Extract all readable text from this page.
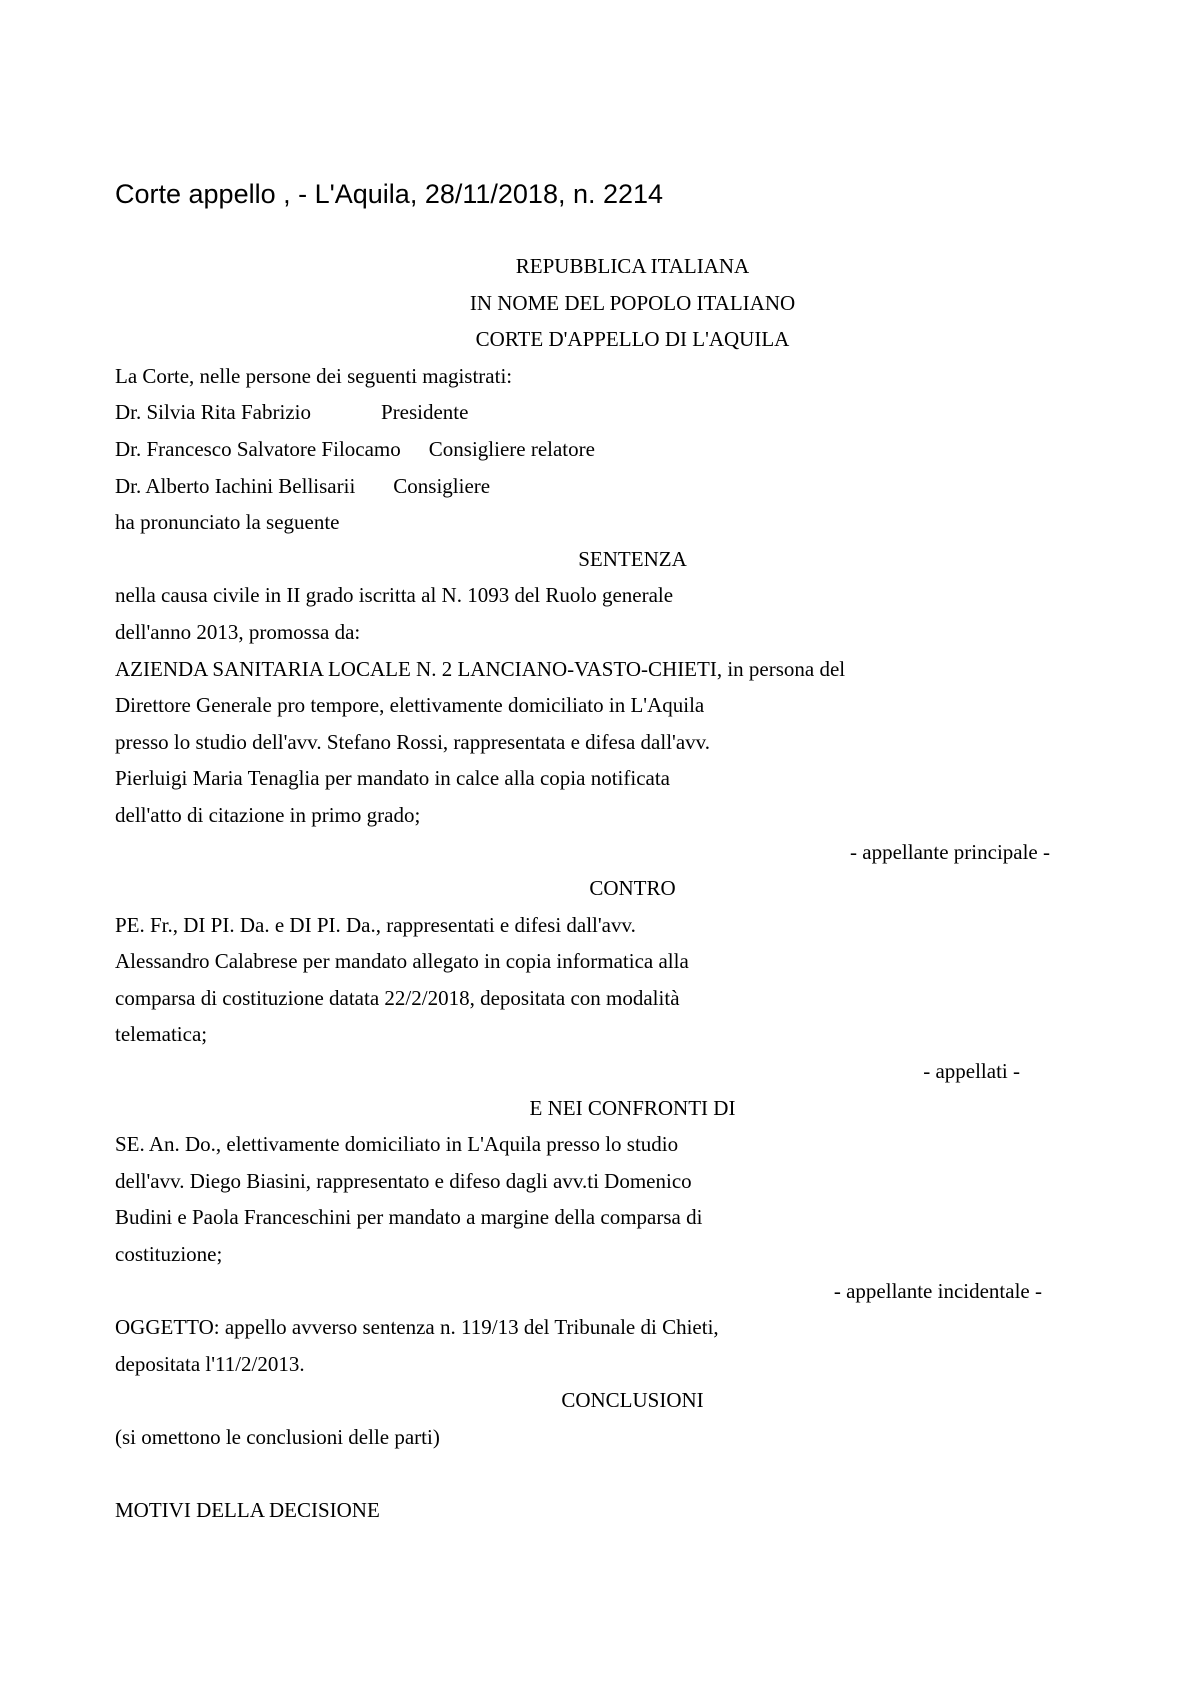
Corte appello , - L'Aquila, 28/11/2018, n. 2214
REPUBBLICA ITALIANA
IN NOME DEL POPOLO ITALIANO
CORTE D'APPELLO DI L'AQUILA
La Corte, nelle persone dei seguenti magistrati:
Dr. Silvia Rita Fabrizio	Presidente
Dr. Francesco Salvatore Filocamo Consigliere relatore
Dr. Alberto Iachini Bellisarii Consigliere
ha pronunciato la seguente
SENTENZA
nella causa civile in II grado iscritta al N. 1093 del Ruolo generale
dell'anno 2013, promossa da:
AZIENDA SANITARIA LOCALE N. 2 LANCIANO-VASTO-CHIETI, in persona del
Direttore Generale pro tempore, elettivamente domiciliato in L'Aquila
presso lo studio dell'avv. Stefano Rossi, rappresentata e difesa dall'avv.
Pierluigi Maria Tenaglia per mandato in calce alla copia notificata
dell'atto di citazione in primo grado;
- appellante principale -
CONTRO
PE. Fr., DI PI. Da. e DI PI. Da., rappresentati e difesi dall'avv.
Alessandro Calabrese per mandato allegato in copia informatica alla
comparsa di costituzione datata 22/2/2018, depositata con modalità
telematica;
- appellati -
E NEI CONFRONTI DI
SE. An. Do., elettivamente domiciliato in L'Aquila presso lo studio
dell'avv. Diego Biasini, rappresentato e difeso dagli avv.ti Domenico
Budini e Paola Franceschini per mandato a margine della comparsa di
costituzione;
- appellante incidentale -
OGGETTO: appello avverso sentenza n. 119/13 del Tribunale di Chieti,
depositata l'11/2/2013.
CONCLUSIONI
(si omettono le conclusioni delle parti)
MOTIVI DELLA DECISIONE
